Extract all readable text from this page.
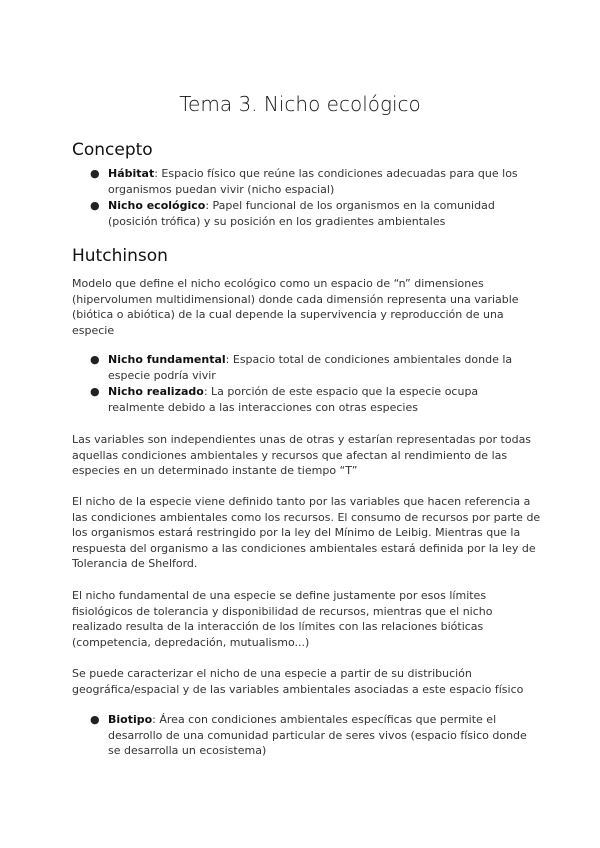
Tema 3. Nicho ecológico
Concepto
● Hábitat: Espacio físico que reúne las condiciones adecuadas para que los organismos puedan vivir (nicho espacial)
● Nicho ecológico: Papel funcional de los organismos en la comunidad (posición trófica) y su posición en los gradientes ambientales
Hutchinson

Modelo que define el nicho ecológico como un espacio de “n” dimensiones (hipervolumen multidimensional) donde cada dimensión representa una variable (biótica o abiótica) de la cual depende la supervivencia y reproducción de una especie

● Nicho fundamental: Espacio total de condiciones ambientales donde la especie podría vivir
● Nicho realizado: La porción de este espacio que la especie ocupa realmente debido a las interacciones con otras especies

Las variables son independientes unas de otras y estarían representadas por todas aquellas condiciones ambientales y recursos que afectan al rendimiento de las especies en un determinado instante de tiempo “T”

El nicho de la especie viene definido tanto por las variables que hacen referencia a las condiciones ambientales como los recursos. El consumo de recursos por parte de los organismos estará restringido por la ley del Mínimo de Leibig. Mientras que la respuesta del organismo a las condiciones ambientales estará definida por la ley de Tolerancia de Shelford.

El nicho fundamental de una especie se define justamente por esos límites fisiológicos de tolerancia y disponibilidad de recursos, mientras que el nicho realizado resulta de la interacción de los límites con las relaciones bióticas (competencia, depredación, mutualismo...)

Se puede caracterizar el nicho de una especie a partir de su distribución geográfica/espacial y de las variables ambientales asociadas a este espacio físico

● Biotipo: Área con condiciones ambientales específicas que permite el desarrollo de una comunidad particular de seres vivos (espacio físico donde se desarrolla un ecosistema)
